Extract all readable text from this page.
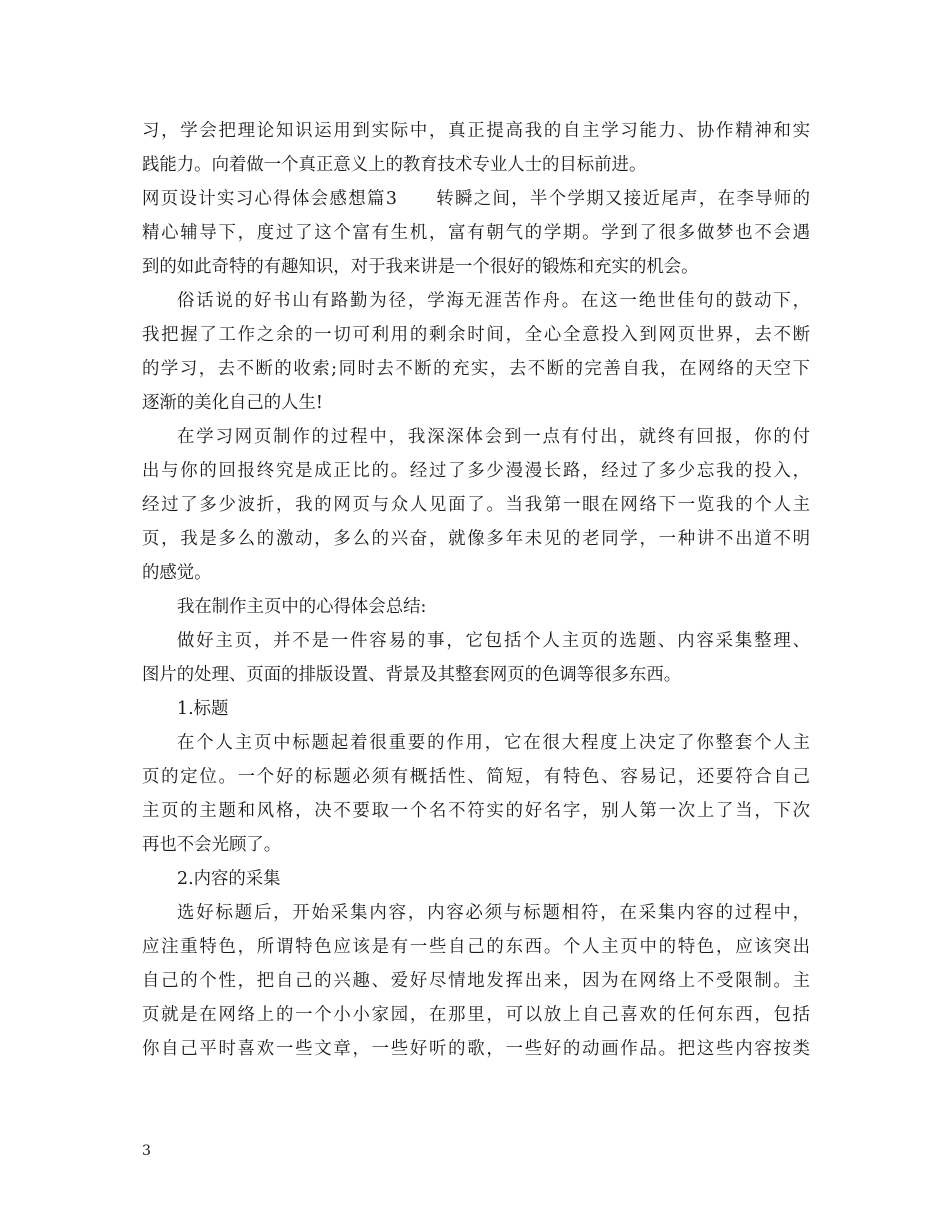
习，学会把理论知识运用到实际中，真正提高我的自主学习能力、协作精神和实
践能力。向着做一个真正意义上的教育技术专业人士的目标前进。
网页设计实习心得体会感想篇3 转瞬之间，半个学期又接近尾声，在李导师的
精心辅导下，度过了这个富有生机，富有朝气的学期。学到了很多做梦也不会遇
到的如此奇特的有趣知识，对于我来讲是一个很好的锻炼和充实的机会。
俗话说的好书山有路勤为径，学海无涯苦作舟。在这一绝世佳句的鼓动下，
我把握了工作之余的一切可利用的剩余时间，全心全意投入到网页世界，去不断
的学习，去不断的收索;同时去不断的充实，去不断的完善自我，在网络的天空下
逐渐的美化自己的人生!
在学习网页制作的过程中，我深深体会到一点有付出，就终有回报，你的付
出与你的回报终究是成正比的。经过了多少漫漫长路，经过了多少忘我的投入，
经过了多少波折，我的网页与众人见面了。当我第一眼在网络下一览我的个人主
页，我是多么的激动，多么的兴奋，就像多年未见的老同学，一种讲不出道不明
的感觉。
我在制作主页中的心得体会总结:
做好主页，并不是一件容易的事，它包括个人主页的选题、内容采集整理、
图片的处理、页面的排版设置、背景及其整套网页的色调等很多东西。
1.标题
在个人主页中标题起着很重要的作用，它在很大程度上决定了你整套个人主
页的定位。一个好的标题必须有概括性、简短，有特色、容易记，还要符合自己
主页的主题和风格，决不要取一个名不符实的好名字，别人第一次上了当，下次
再也不会光顾了。
2.内容的采集
选好标题后，开始采集内容，内容必须与标题相符，在采集内容的过程中，
应注重特色，所谓特色应该是有一些自己的东西。个人主页中的特色，应该突出
自己的个性，把自己的兴趣、爱好尽情地发挥出来，因为在网络上不受限制。主
页就是在网络上的一个小小家园，在那里，可以放上自己喜欢的任何东西，包括
你自己平时喜欢一些文章，一些好听的歌，一些好的动画作品。把这些内容按类
3
